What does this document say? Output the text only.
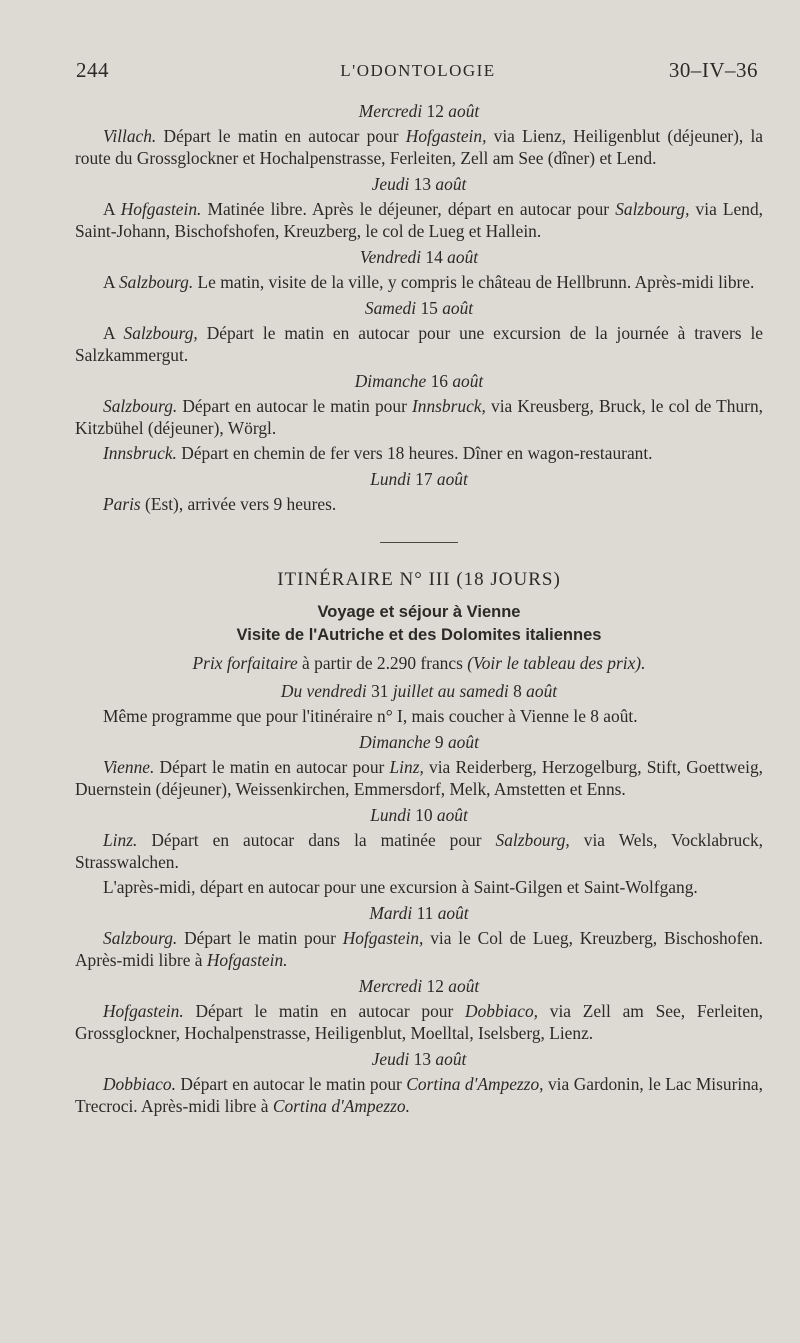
244	L'ODONTOLOGIE	30–IV–36
Mercredi 12 août

Villach. Départ le matin en autocar pour Hofgastein, via Lienz, Heiligenblut (déjeuner), la route du Grossglockner et Hochalpenstrasse, Ferleiten, Zell am See (dîner) et Lend.

Jeudi 13 août

A Hofgastein. Matinée libre. Après le déjeuner, départ en autocar pour Salzbourg, via Lend, Saint-Johann, Bischofshofen, Kreuzberg, le col de Lueg et Hallein.

Vendredi 14 août

A Salzbourg. Le matin, visite de la ville, y compris le château de Hellbrunn. Après-midi libre.

Samedi 15 août

A Salzbourg, Départ le matin en autocar pour une excursion de la journée à travers le Salzkammergut.

Dimanche 16 août

Salzbourg. Départ en autocar le matin pour Innsbruck, via Kreusberg, Bruck, le col de Thurn, Kitzbühel (déjeuner), Wörgl.

Innsbruck. Départ en chemin de fer vers 18 heures. Dîner en wagon-restaurant.

Lundi 17 août

Paris (Est), arrivée vers 9 heures.

ITINÉRAIRE N° III (18 JOURS)
Voyage et séjour à Vienne
Visite de l'Autriche et des Dolomites italiennes
Prix forfaitaire à partir de 2.290 francs (Voir le tableau des prix).
Du vendredi 31 juillet au samedi 8 août

Même programme que pour l'itinéraire n° I, mais coucher à Vienne le 8 août.

Dimanche 9 août

Vienne. Départ le matin en autocar pour Linz, via Reiderberg, Herzogelburg, Stift, Goettweig, Duernstein (déjeuner), Weissenkirchen, Emmersdorf, Melk, Amstetten et Enns.

Lundi 10 août

Linz. Départ en autocar dans la matinée pour Salzbourg, via Wels, Vocklabruck, Strasswalchen.

L'après-midi, départ en autocar pour une excursion à Saint-Gilgen et Saint-Wolfgang.

Mardi 11 août

Salzbourg. Départ le matin pour Hofgastein, via le Col de Lueg, Kreuzberg, Bischoshofen. Après-midi libre à Hofgastein.

Mercredi 12 août

Hofgastein. Départ le matin en autocar pour Dobbiaco, via Zell am See, Ferleiten, Grossglockner, Hochalpenstrasse, Heiligenblut, Moelltal, Iselsberg, Lienz.

Jeudi 13 août

Dobbiaco. Départ en autocar le matin pour Cortina d'Ampezzo, via Gardonin, le Lac Misurina, Trecroci. Après-midi libre à Cortina d'Ampezzo.
